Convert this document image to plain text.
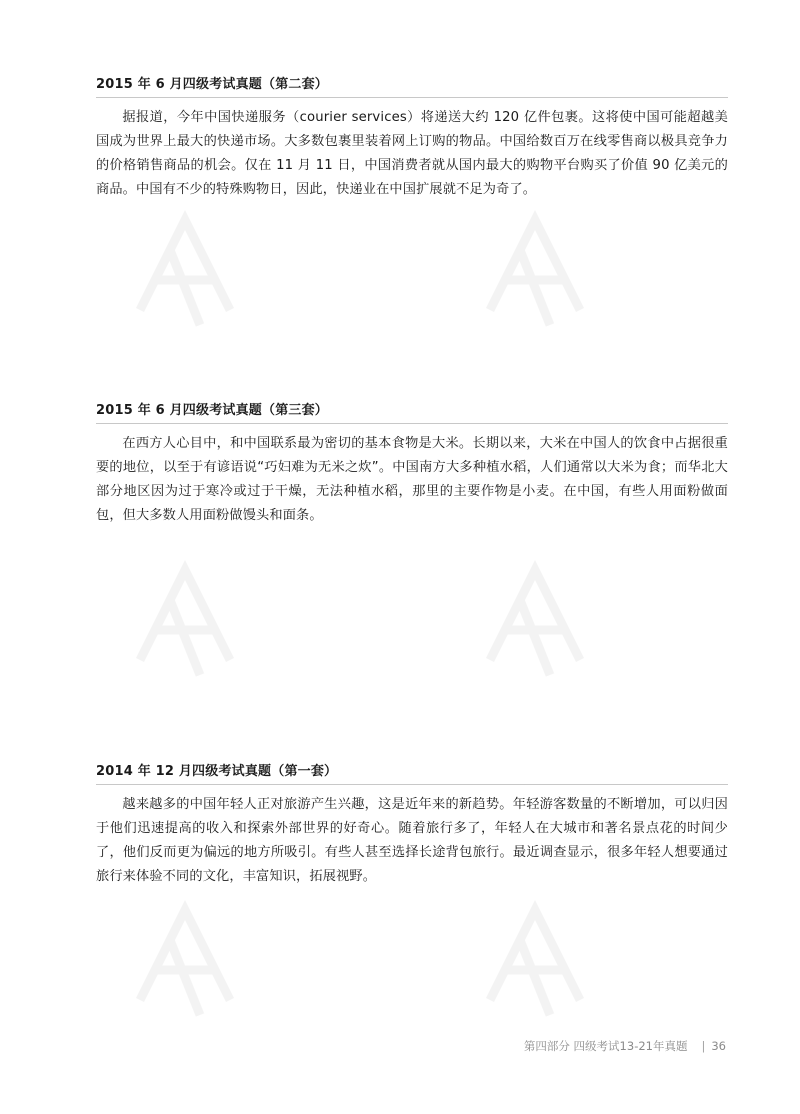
2015 年 6 月四级考试真题（第二套）

据报道，今年中国快递服务（courier services）将递送大约 120 亿件包裹。这将使中国可能超越美国成为世界上最大的快递市场。大多数包裹里装着网上订购的物品。中国给数百万在线零售商以极具竞争力的价格销售商品的机会。仅在 11 月 11 日，中国消费者就从国内最大的购物平台购买了价值 90 亿美元的商品。中国有不少的特殊购物日，因此，快递业在中国扩展就不足为奇了。

2015 年 6 月四级考试真题（第三套）

在西方人心目中，和中国联系最为密切的基本食物是大米。长期以来，大米在中国人的饮食中占据很重要的地位，以至于有谚语说“巧妇难为无米之炊”。中国南方大多种植水稻，人们通常以大米为食；而华北大部分地区因为过于寒冷或过于干燥，无法种植水稻，那里的主要作物是小麦。在中国，有些人用面粉做面包，但大多数人用面粉做馒头和面条。

2014 年 12 月四级考试真题（第一套）

越来越多的中国年轻人正对旅游产生兴趣，这是近年来的新趋势。年轻游客数量的不断增加，可以归因于他们迅速提高的收入和探索外部世界的好奇心。随着旅行多了，年轻人在大城市和著名景点花的时间少了，他们反而更为偏远的地方所吸引。有些人甚至选择长途背包旅行。最近调查显示，很多年轻人想要通过旅行来体验不同的文化，丰富知识，拓展视野。

第四部分 四级考试13-21年真题 | 36
